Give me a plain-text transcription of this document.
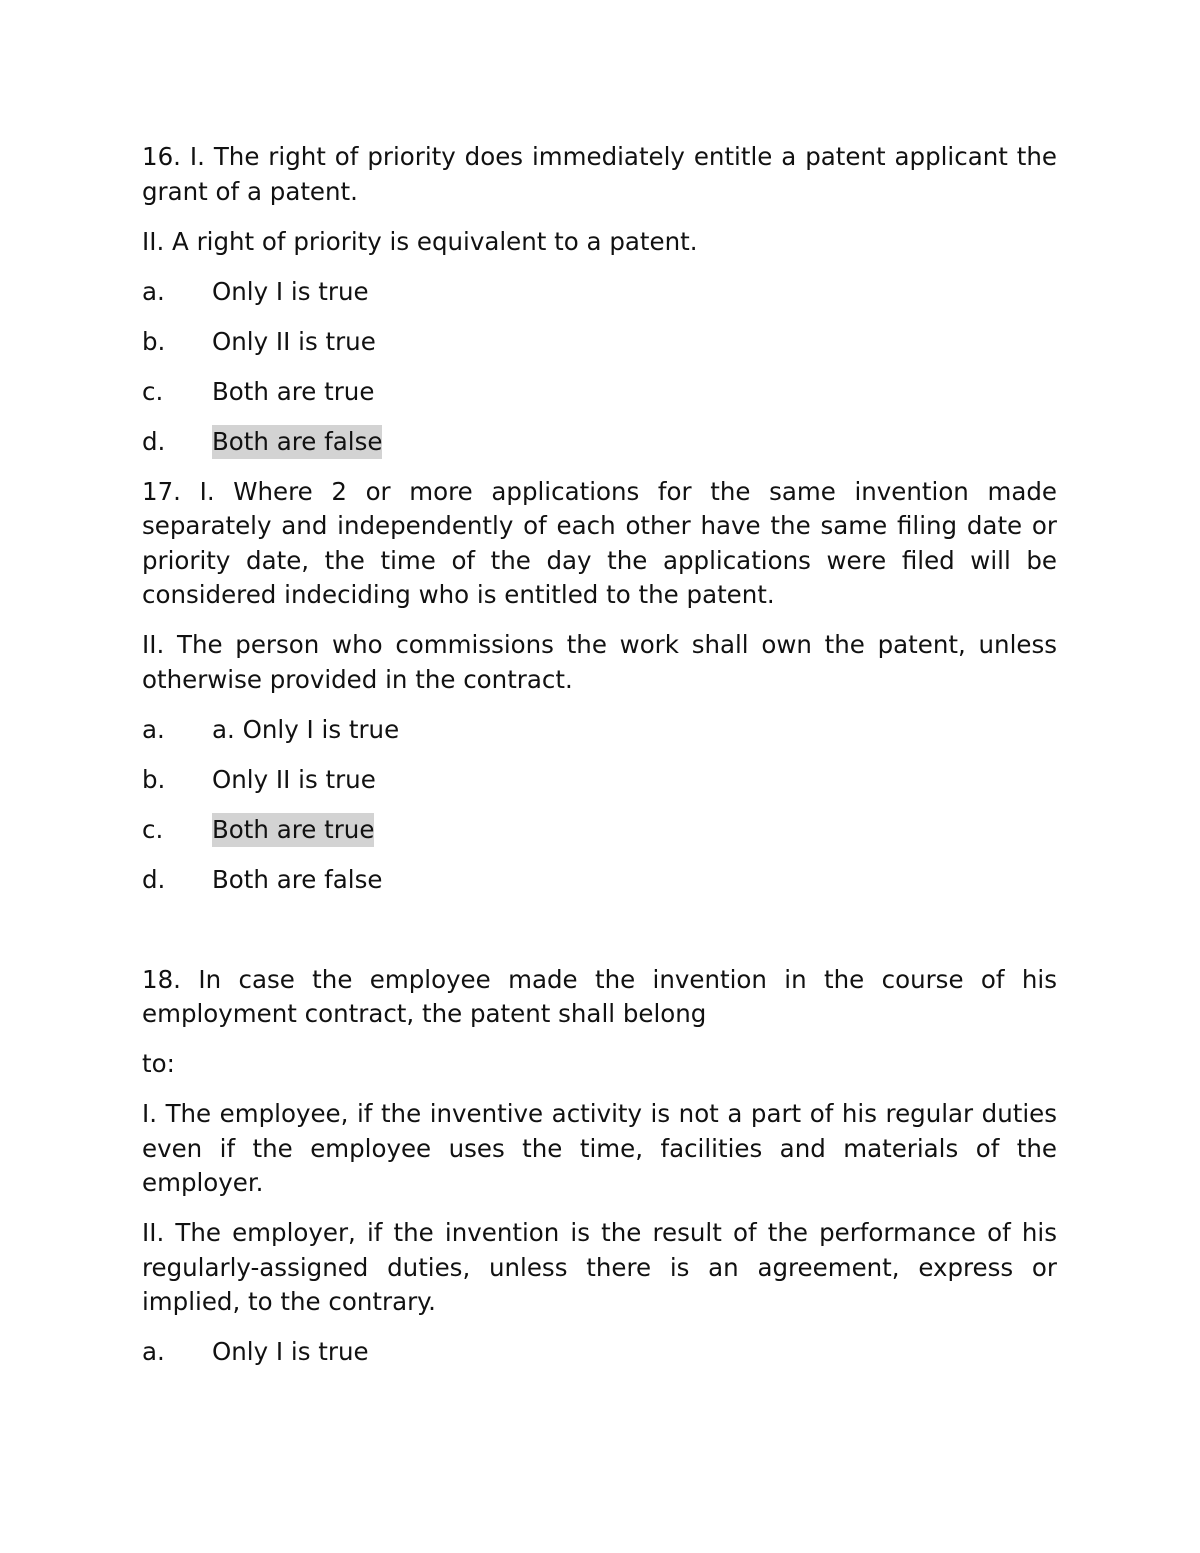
16. I. The right of priority does immediately entitle a patent applicant the grant of a patent.

II. A right of priority is equivalent to a patent.

a.	Only I is true
b.	Only II is true
c.	Both are true
d.	Both are false

17. I. Where 2 or more applications for the same invention made separately and independently of each other have the same filing date or priority date, the time of the day the applications were filed will be considered indeciding who is entitled to the patent.

II. The person who commissions the work shall own the patent, unless otherwise provided in the contract.

a.	a. Only I is true
b.	Only II is true
c.	Both are true
d.	Both are false

18. In case the employee made the invention in the course of his employment contract, the patent shall belong

to:

I. The employee, if the inventive activity is not a part of his regular duties even if the employee uses the time, facilities and materials of the employer.

II. The employer, if the invention is the result of the performance of his regularly-assigned duties, unless there is an agreement, express or implied, to the contrary.

a.	Only I is true
